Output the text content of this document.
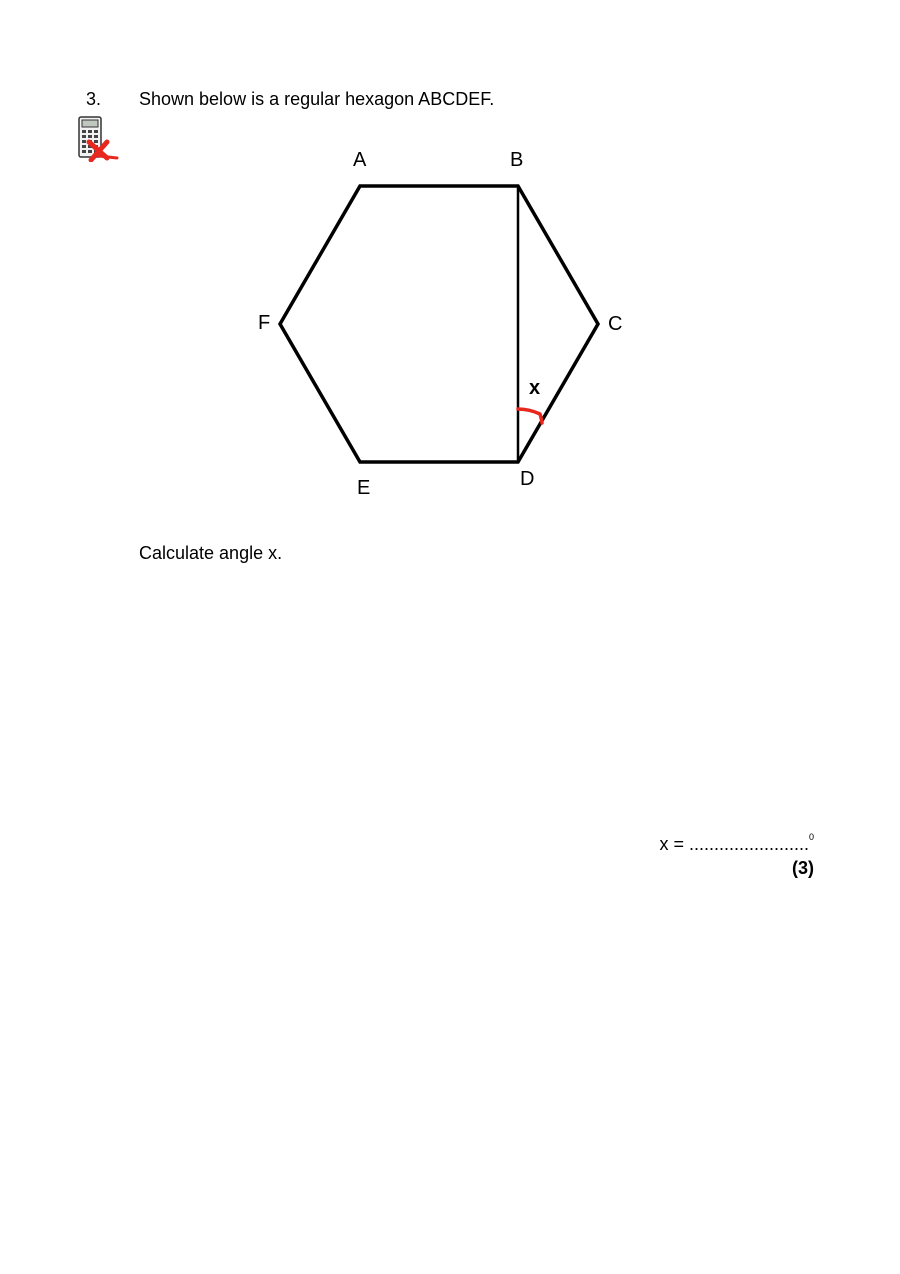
3. Shown below is a regular hexagon ABCDEF.
A	B
C
D
E
F
x
Calculate angle x.
x = ........................$^0$
(3)
